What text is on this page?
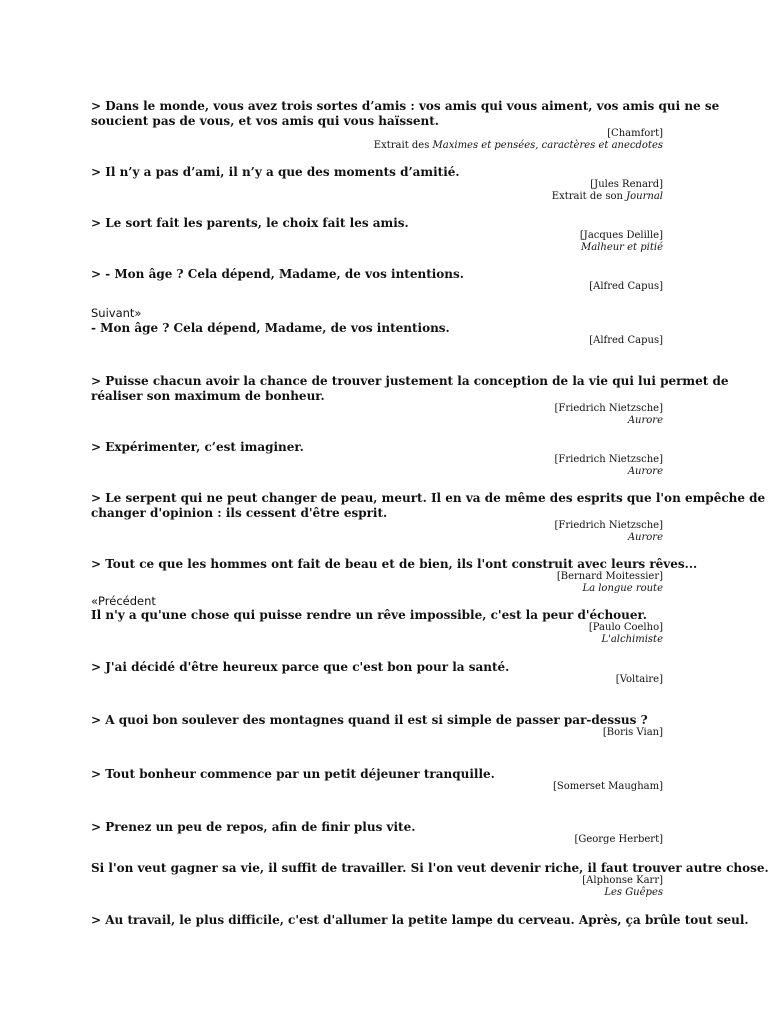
> Dans le monde, vous avez trois sortes d’amis : vos amis qui vous aiment, vos amis qui ne se
soucient pas de vous, et vos amis qui vous haïssent.
[Chamfort]
Extrait des Maximes et pensées, caractères et anecdotes
> Il n’y a pas d’ami, il n’y a que des moments d’amitié.
[Jules Renard]
Extrait de son Journal
> Le sort fait les parents, le choix fait les amis.
[Jacques Delille]
Malheur et pitié
> - Mon âge ? Cela dépend, Madame, de vos intentions.
[Alfred Capus]
Suivant»
- Mon âge ? Cela dépend, Madame, de vos intentions.
[Alfred Capus]
> Puisse chacun avoir la chance de trouver justement la conception de la vie qui lui permet de
réaliser son maximum de bonheur.
[Friedrich Nietzsche]
Aurore
> Expérimenter, c’est imaginer.
[Friedrich Nietzsche]
Aurore
> Le serpent qui ne peut changer de peau, meurt. Il en va de même des esprits que l'on empêche de
changer d'opinion : ils cessent d'être esprit.
[Friedrich Nietzsche]
Aurore
> Tout ce que les hommes ont fait de beau et de bien, ils l'ont construit avec leurs rêves...
[Bernard Moitessier]
La longue route
«Précédent
Il n'y a qu'une chose qui puisse rendre un rêve impossible, c'est la peur d'échouer.
[Paulo Coelho]
L'alchimiste
> J'ai décidé d'être heureux parce que c'est bon pour la santé.
[Voltaire]
> A quoi bon soulever des montagnes quand il est si simple de passer par-dessus ?
[Boris Vian]
> Tout bonheur commence par un petit déjeuner tranquille.
[Somerset Maugham]
> Prenez un peu de repos, afin de finir plus vite.
[George Herbert]
Si l'on veut gagner sa vie, il suffit de travailler. Si l'on veut devenir riche, il faut trouver autre chose.
[Alphonse Karr]
Les Guêpes
> Au travail, le plus difficile, c'est d'allumer la petite lampe du cerveau. Après, ça brûle tout seul.
